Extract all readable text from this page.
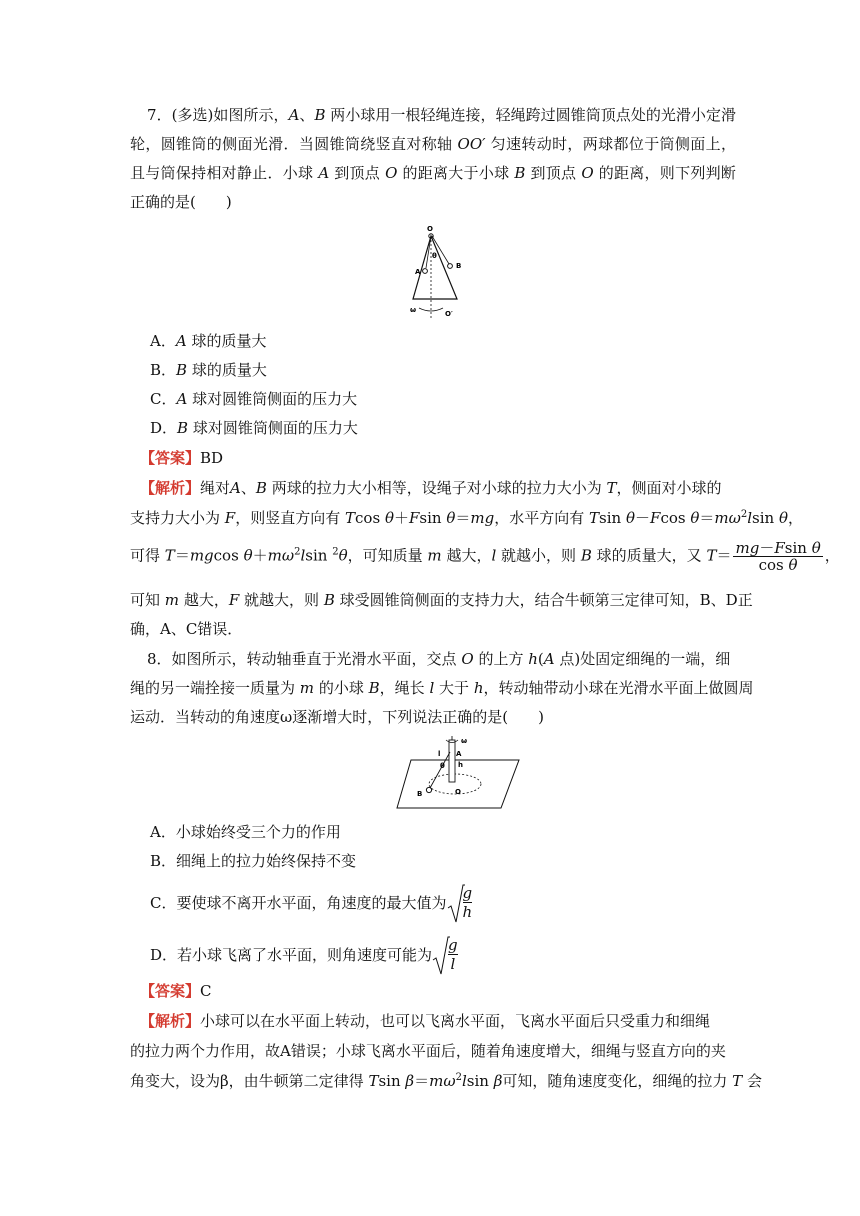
7．(多选)如图所示，A、B 两小球用一根轻绳连接，轻绳跨过圆锥筒顶点处的光滑小定滑轮，圆锥筒的侧面光滑．当圆锥筒绕竖直对称轴 OO′ 匀速转动时，两球都位于筒侧面上，且与筒保持相对静止．小球 A 到顶点 O 的距离大于小球 B 到顶点 O 的距离，则下列判断正确的是(　　)

O
A
B
θ
ω	O′

A．A 球的质量大

B．B 球的质量大

C．A 球对圆锥筒侧面的压力大

D．B 球对圆锥筒侧面的压力大

【答案】BD

【解析】绳对A、B 两球的拉力大小相等，设绳子对小球的拉力大小为 T，侧面对小球的

支持力大小为 F，则竖直方向有 Tcos θ＋Fsin θ＝mg，水平方向有 Tsin θ－Fcos $\theta=m\omega^2lsin$ θ，

可得 T＝mgcos $\theta+m\omega^2lsin$ $^2$θ，可知质量 m 越大，l 就越小，则 B 球的质量大，又 $T= \frac{\text{mg－Fsin θ}}{\text{cos θ}}$ ，

可知 m 越大，F 就越大，则 B 球受圆锥筒侧面的支持力大，结合牛顿第三定律可知，B、D正

确，A、C错误．

8．如图所示，转动轴垂直于光滑水平面，交点 O 的上方 h(A 点)处固定细绳的一端，细

绳的另一端拴接一质量为 m 的小球 B，绳长 l 大于 h，转动轴带动小球在光滑水平面上做圆周

运动．当转动的角速度ω逐渐增大时，下列说法正确的是(　　)

ω
l A
h
θ
B	O

A．小球始终受三个力的作用

B．细绳上的拉力始终保持不变

C．要使球不离开水平面，角速度的最大值为 $\frac{g}{h}$

D．若小球飞离了水平面，则角速度可能为 $\frac{g}{l}$

【答案】C

【解析】小球可以在水平面上转动，也可以飞离水平面，飞离水平面后只受重力和细绳

的拉力两个力作用，故A错误；小球飞离水平面后，随着角速度增大，细绳与竖直方向的夹

角变大，设为β，由牛顿第二定律得 Tsin $\beta=m\omega^2lsin$ β可知，随角速度变化，细绳的拉力 T 会
